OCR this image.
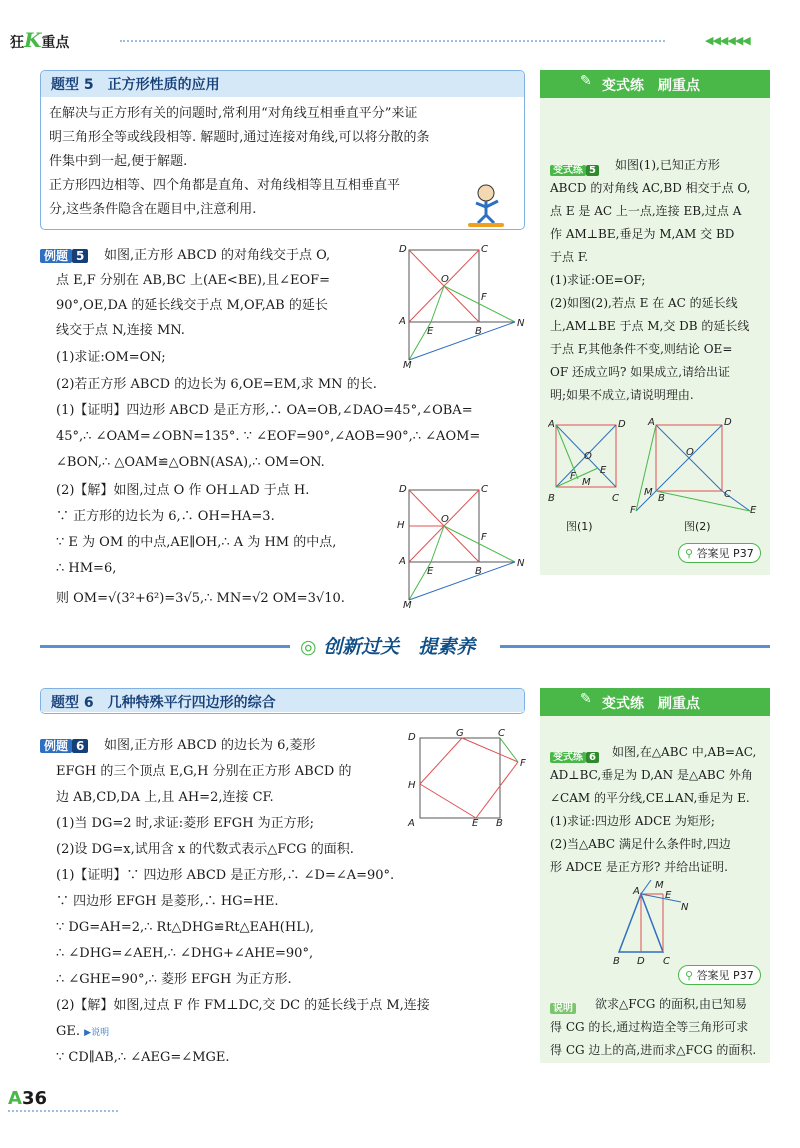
狂K重点	◀◀◀◀◀◀
题型 5　正方形性质的应用
在解决与正方形有关的问题时,常利用“对角线互相垂直平分”来证
明三角形全等或线段相等. 解题时,通过连接对角线,可以将分散的条
件集中到一起,便于解题.
正方形四边相等、四个角都是直角、对角线相等且互相垂直平
分,这些条件隐含在题目中,注意利用.
例题 5	如图,正方形 ABCD 的对角线交于点 O,
点 E,F 分别在 AB,BC 上(AE<BE),且∠EOF=
90°,OE,DA 的延长线交于点 M,OF,AB 的延长
线交于点 N,连接 MN.
(1)求证:OM=ON;
(2)若正方形 ABCD 的边长为 6,OE=EM,求 MN 的长.
(1)【证明】四边形 ABCD 是正方形,∴ OA=OB,∠DAO=45°,∠OBA=
45°,∴ ∠OAM=∠OBN=135°. ∵ ∠EOF=90°,∠AOB=90°,∴ ∠AOM=
∠BON,∴ △OAM≌△OBN(ASA),∴ OM=ON.
(2)【解】如图,过点 O 作 OH⊥AD 于点 H.
∵ 正方形的边长为 6,∴ OH=HA=3.
∵ E 为 OM 的中点,AE∥OH,∴ A 为 HM 的中点,
∴ HM=6,
则 OM=√(3²+6²)=3√5,∴ MN=√2 OM=3√10.
D	C
O
F
A
E	B
N
M
D	C
H
O
F
A
E	B
N
M
✎ 变式练　刷重点
变式练 5 如图(1),已知正方形
ABCD 的对角线 AC,BD 相交于点 O,
点 E 是 AC 上一点,连接 EB,过点 A
作 AM⊥BE,垂足为 M,AM 交 BD
于点 F.
(1)求证:OE=OF;
(2)如图(2),若点 E 在 AC 的延长线
上,AM⊥BE 于点 M,交 DB 的延长线
于点 F,其他条件不变,则结论 OE=
OF 还成立吗? 如果成立,请给出证
明;如果不成立,请说明理由.
A	D
O
E
F
M
B	C
图(1)
A	D
O
M	C
F
B
E
图(2)
⚲ 答案见 P37
◎ 创新过关　提素养
题型 6　几种特殊平行四边形的综合
例题 6	如图,正方形 ABCD 的边长为 6,菱形
EFGH 的三个顶点 E,G,H 分别在正方形 ABCD 的
边 AB,CD,DA 上,且 AH=2,连接 CF.
(1)当 DG=2 时,求证:菱形 EFGH 为正方形;
(2)设 DG=x,试用含 x 的代数式表示△FCG 的面积.
(1)【证明】∵ 四边形 ABCD 是正方形,∴ ∠D=∠A=90°.
∵ 四边形 EFGH 是菱形,∴ HG=HE.
∵ DG=AH=2,∴ Rt△DHG≌Rt△EAH(HL),
∴ ∠DHG=∠AEH,∴ ∠DHG+∠AHE=90°,
∴ ∠GHE=90°,∴ 菱形 EFGH 为正方形.
(2)【解】如图,过点 F 作 FM⊥DC,交 DC 的延长线于点 M,连接
GE. ▶说明
∵ CD∥AB,∴ ∠AEG=∠MGE.
D	G	C
F
H
A	E B
✎ 变式练　刷重点
变式练 6 如图,在△ABC 中,AB=AC,
AD⊥BC,垂足为 D,AN 是△ABC 外角
∠CAM 的平分线,CE⊥AN,垂足为 E.
(1)求证:四边形 ADCE 为矩形;
(2)当△ABC 满足什么条件时,四边
形 ADCE 是正方形? 并给出证明.
M
A	E
N
B D C
⚲ 答案见 P37
说明 欲求△FCG 的面积,由已知易
得 CG 的长,通过构造全等三角形可求
得 CG 边上的高,进而求△FCG 的面积.
A36
